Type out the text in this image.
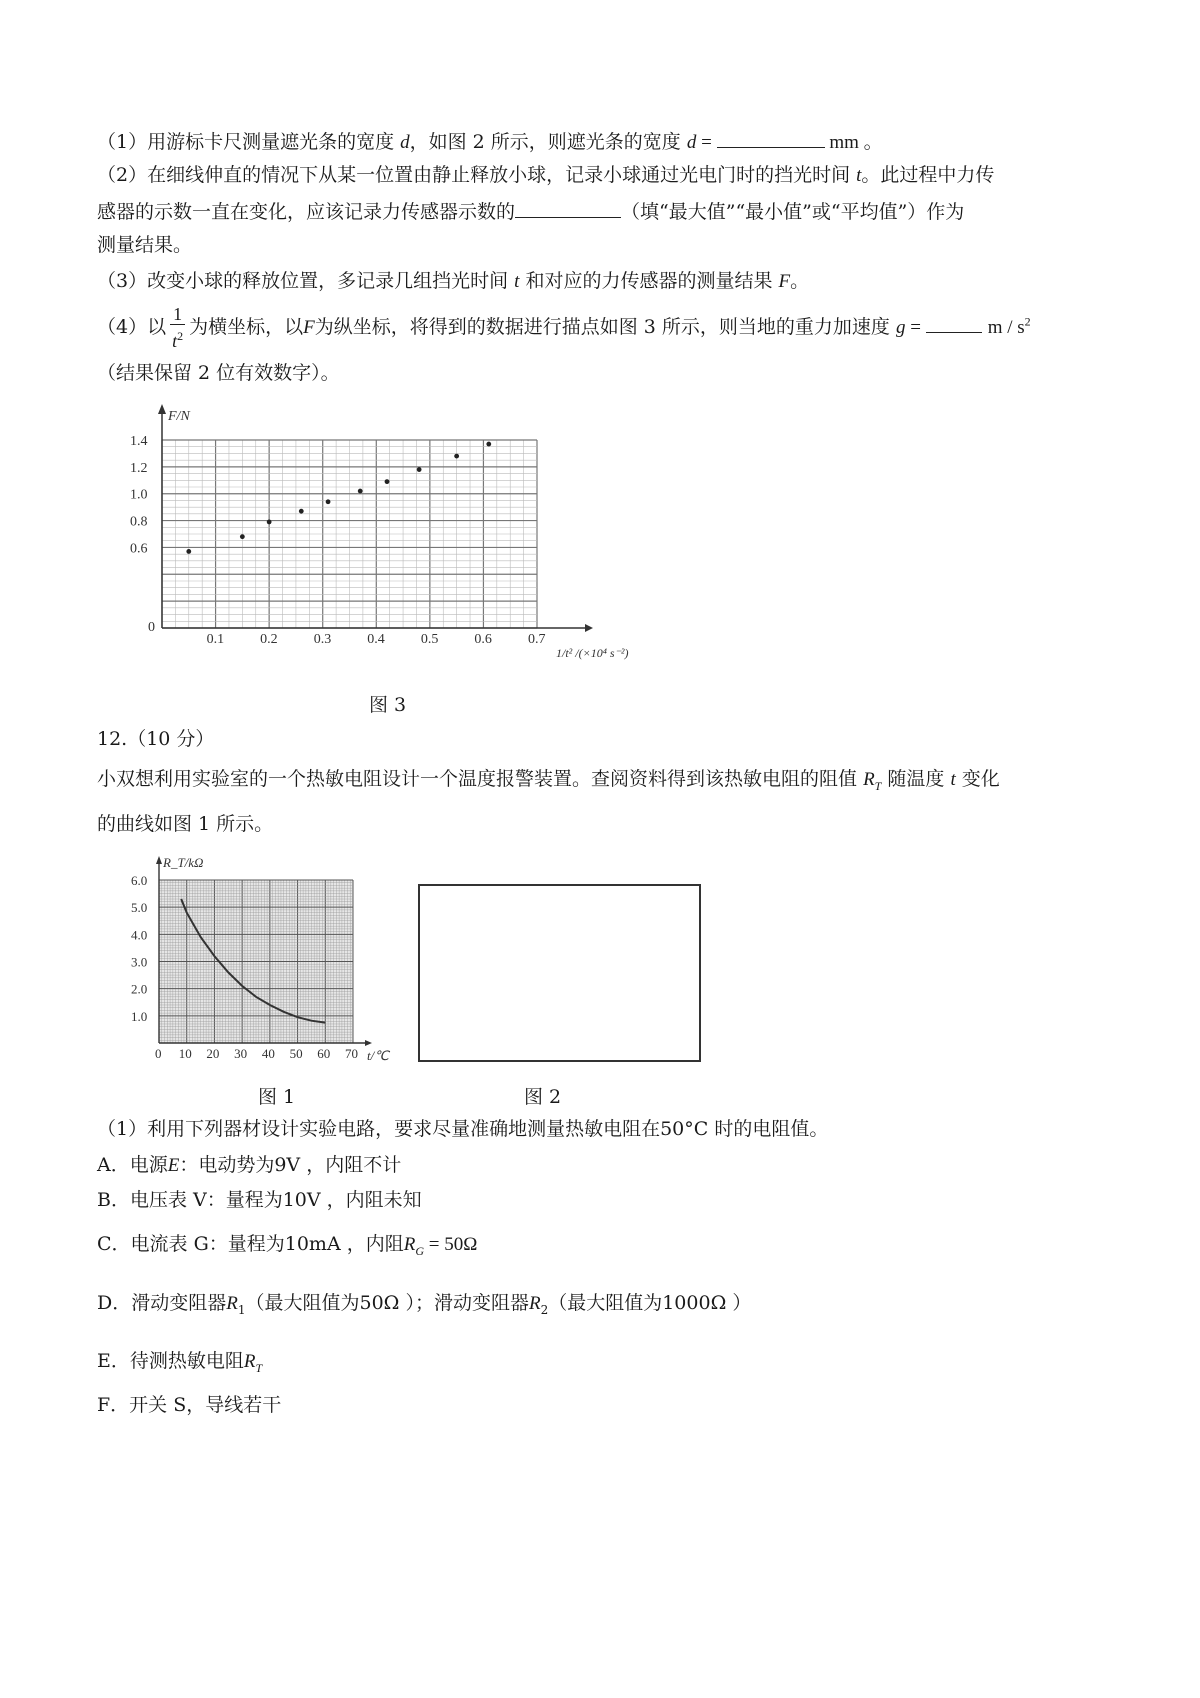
（1）用游标卡尺测量遮光条的宽度 d，如图 2 所示，则遮光条的宽度 d =	mm 。
（2）在细线伸直的情况下从某一位置由静止释放小球，记录小球通过光电门时的挡光时间 t。此过程中力传
感器的示数一直在变化，应该记录力传感器示数的	（填“最大值”“最小值”或“平均值”）作为
测量结果。
（3）改变小球的释放位置，多记录几组挡光时间 t 和对应的力传感器的测量结果 F。
（4）以 $\frac{1}{t^2}$ 为横坐标，以F为纵坐标，将得到的数据进行描点如图 3 所示，则当地的重力加速度 g =	m / $s^2$
（结果保留 2 位有效数字）。
0
0.1	0.2	0.3	0.4	0.5	0.6	0.7
0.6
0.8
1.0
1.2
1.4
F/N
1/t² /(×10⁴ s⁻²)
图 3
12.（10 分）
小双想利用实验室的一个热敏电阻设计一个温度报警装置。查阅资料得到该热敏电阻的阻值 $R_T$ 随温度 t 变化
的曲线如图 1 所示。
0 10 20 30 40 50 60 70
1.0
2.0
3.0
4.0
5.0
6.0
R_T/kΩ
t/℃
图 1	图 2
（1）利用下列器材设计实验电路，要求尽量准确地测量热敏电阻在50°C 时的电阻值。
A．电源E：电动势为9V ，内阻不计
B．电压表 V：量程为10V ，内阻未知
C．电流表 G：量程为10mA ，内阻$R_G = 50\Omega$
D．滑动变阻器$R_1$（最大阻值为50Ω ）；滑动变阻器$R_2$（最大阻值为1000Ω ）
E．待测热敏电阻$R_T$
F．开关 S，导线若干
